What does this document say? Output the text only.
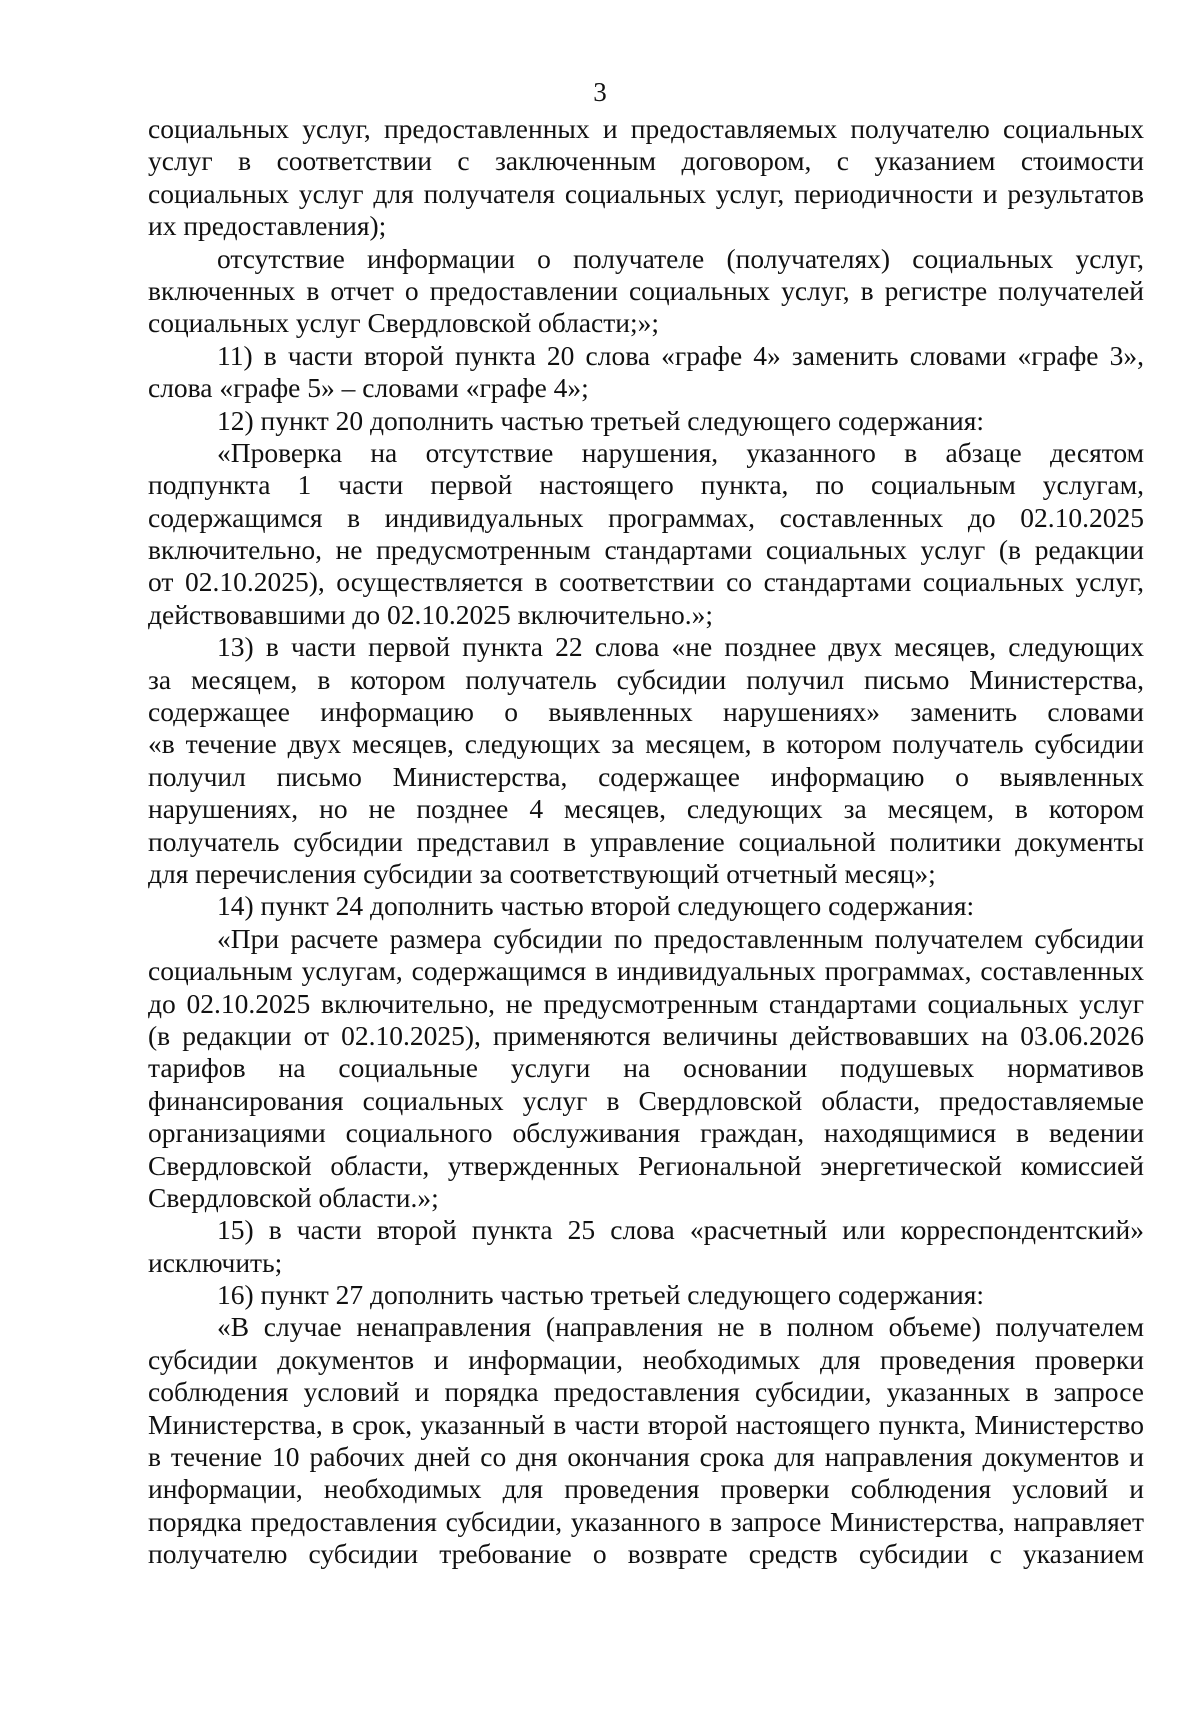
3
социальных услуг, предоставленных и предоставляемых получателю социальных
услуг в соответствии с заключенным договором, с указанием стоимости
социальных услуг для получателя социальных услуг, периодичности и результатов
их предоставления);
отсутствие информации о получателе (получателях) социальных услуг,
включенных в отчет о предоставлении социальных услуг, в регистре получателей
социальных услуг Свердловской области;»;
11) в части второй пункта 20 слова «графе 4» заменить словами «графе 3»,
слова «графе 5» – словами «графе 4»;
12) пункт 20 дополнить частью третьей следующего содержания:
«Проверка на отсутствие нарушения, указанного в абзаце десятом
подпункта 1 части первой настоящего пункта, по социальным услугам,
содержащимся в индивидуальных программах, составленных до 02.10.2025
включительно, не предусмотренным стандартами социальных услуг (в редакции
от 02.10.2025), осуществляется в соответствии со стандартами социальных услуг,
действовавшими до 02.10.2025 включительно.»;
13) в части первой пункта 22 слова «не позднее двух месяцев, следующих
за месяцем, в котором получатель субсидии получил письмо Министерства,
содержащее информацию о выявленных нарушениях» заменить словами
«в течение двух месяцев, следующих за месяцем, в котором получатель субсидии
получил письмо Министерства, содержащее информацию о выявленных
нарушениях, но не позднее 4 месяцев, следующих за месяцем, в котором
получатель субсидии представил в управление социальной политики документы
для перечисления субсидии за соответствующий отчетный месяц»;
14) пункт 24 дополнить частью второй следующего содержания:
«При расчете размера субсидии по предоставленным получателем субсидии
социальным услугам, содержащимся в индивидуальных программах, составленных
до 02.10.2025 включительно, не предусмотренным стандартами социальных услуг
(в редакции от 02.10.2025), применяются величины действовавших на 03.06.2026
тарифов на социальные услуги на основании подушевых нормативов
финансирования социальных услуг в Свердловской области, предоставляемые
организациями социального обслуживания граждан, находящимися в ведении
Свердловской области, утвержденных Региональной энергетической комиссией
Свердловской области.»;
15) в части второй пункта 25 слова «расчетный или корреспондентский»
исключить;
16) пункт 27 дополнить частью третьей следующего содержания:
«В случае ненаправления (направления не в полном объеме) получателем
субсидии документов и информации, необходимых для проведения проверки
соблюдения условий и порядка предоставления субсидии, указанных в запросе
Министерства, в срок, указанный в части второй настоящего пункта, Министерство
в течение 10 рабочих дней со дня окончания срока для направления документов и
информации, необходимых для проведения проверки соблюдения условий и
порядка предоставления субсидии, указанного в запросе Министерства, направляет
получателю субсидии требование о возврате средств субсидии с указанием
